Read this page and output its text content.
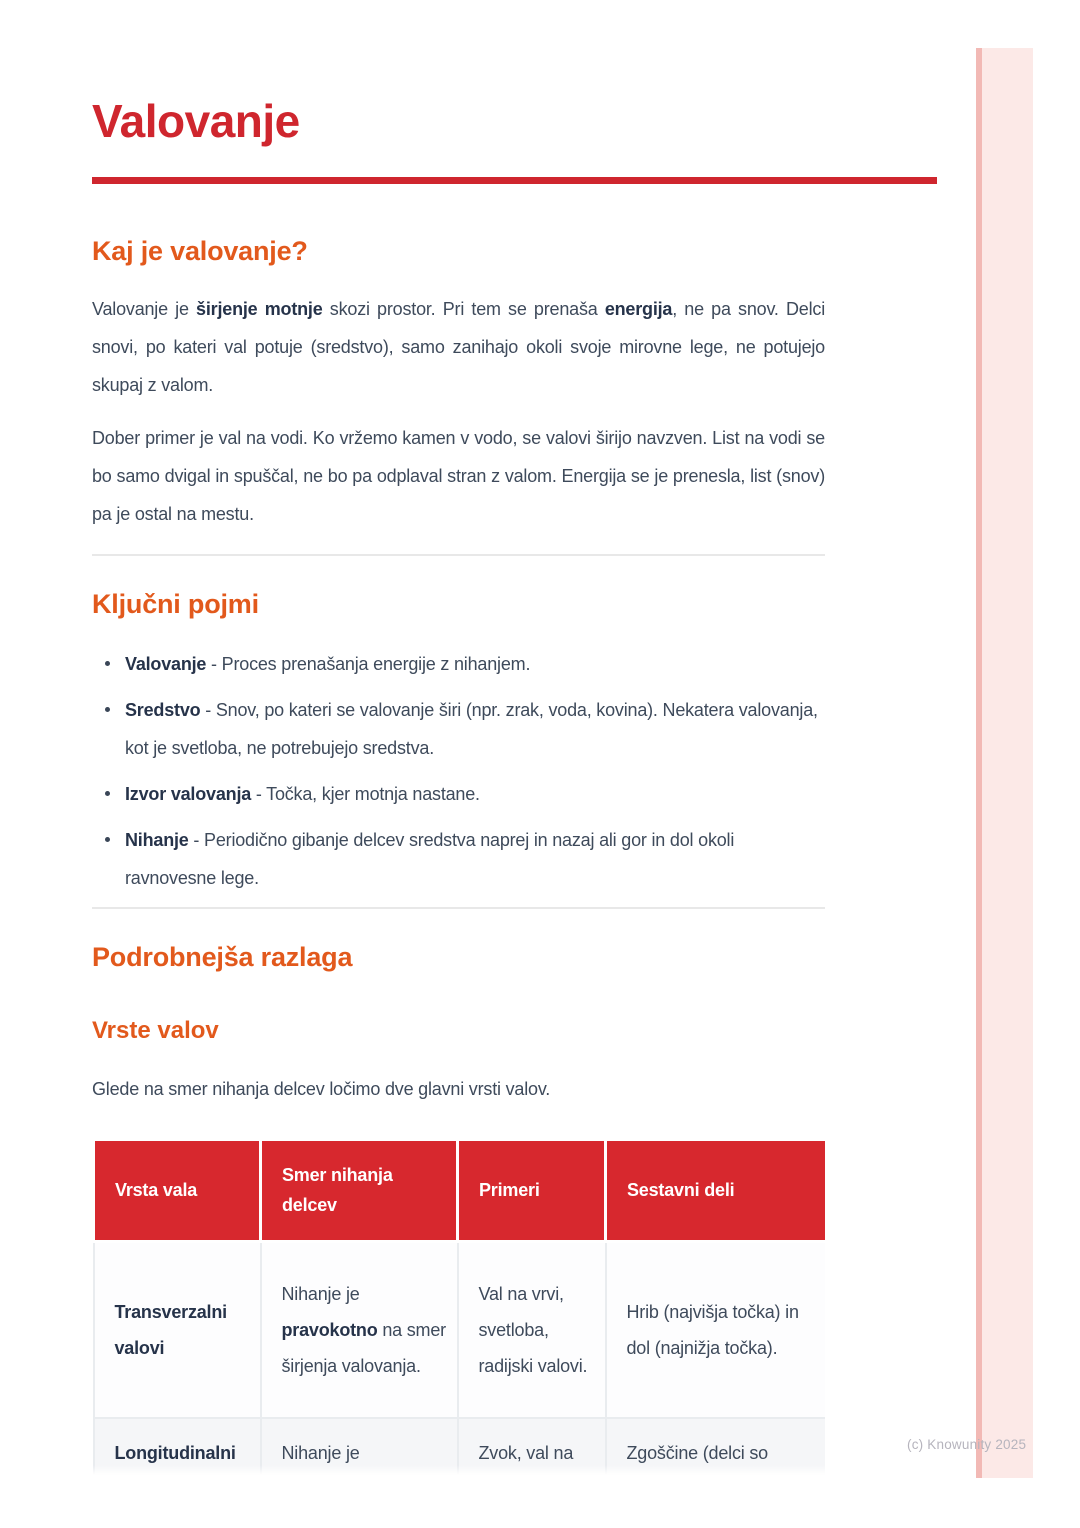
(c) Knowunity 2025
Valovanje
Kaj je valovanje?

Valovanje je širjenje motnje skozi prostor. Pri tem se prenaša energija, ne pa snov. Delci snovi, po kateri val potuje (sredstvo), samo zanihajo okoli svoje mirovne lege, ne potujejo skupaj z valom.

Dober primer je val na vodi. Ko vržemo kamen v vodo, se valovi širijo navzven. List na vodi se bo samo dvigal in spuščal, ne bo pa odplaval stran z valom. Energija se je prenesla, list (snov) pa je ostal na mestu.

Ključni pojmi
Valovanje - Proces prenašanja energije z nihanjem.
Sredstvo - Snov, po kateri se valovanje širi (npr. zrak, voda, kovina). Nekatera valovanja, kot je svetloba, ne potrebujejo sredstva.
Izvor valovanja - Točka, kjer motnja nastane.
Nihanje - Periodično gibanje delcev sredstva naprej in nazaj ali gor in dol okoli ravnovesne lege.
Podrobnejša razlaga
Vrste valov

Glede na smer nihanja delcev ločimo dve glavni vrsti valov.

Vrsta vala	Smer nihanja delcev	Primeri	Sestavni deli
Transverzalni valovi	Nihanje je pravokotno na smer širjenja valovanja.	Val na vrvi, svetloba, radijski valovi.	Hrib (najvišja točka) in dol (najnižja točka).
Longitudinalni	Nihanje je	Zvok, val na	Zgoščine (delci so
